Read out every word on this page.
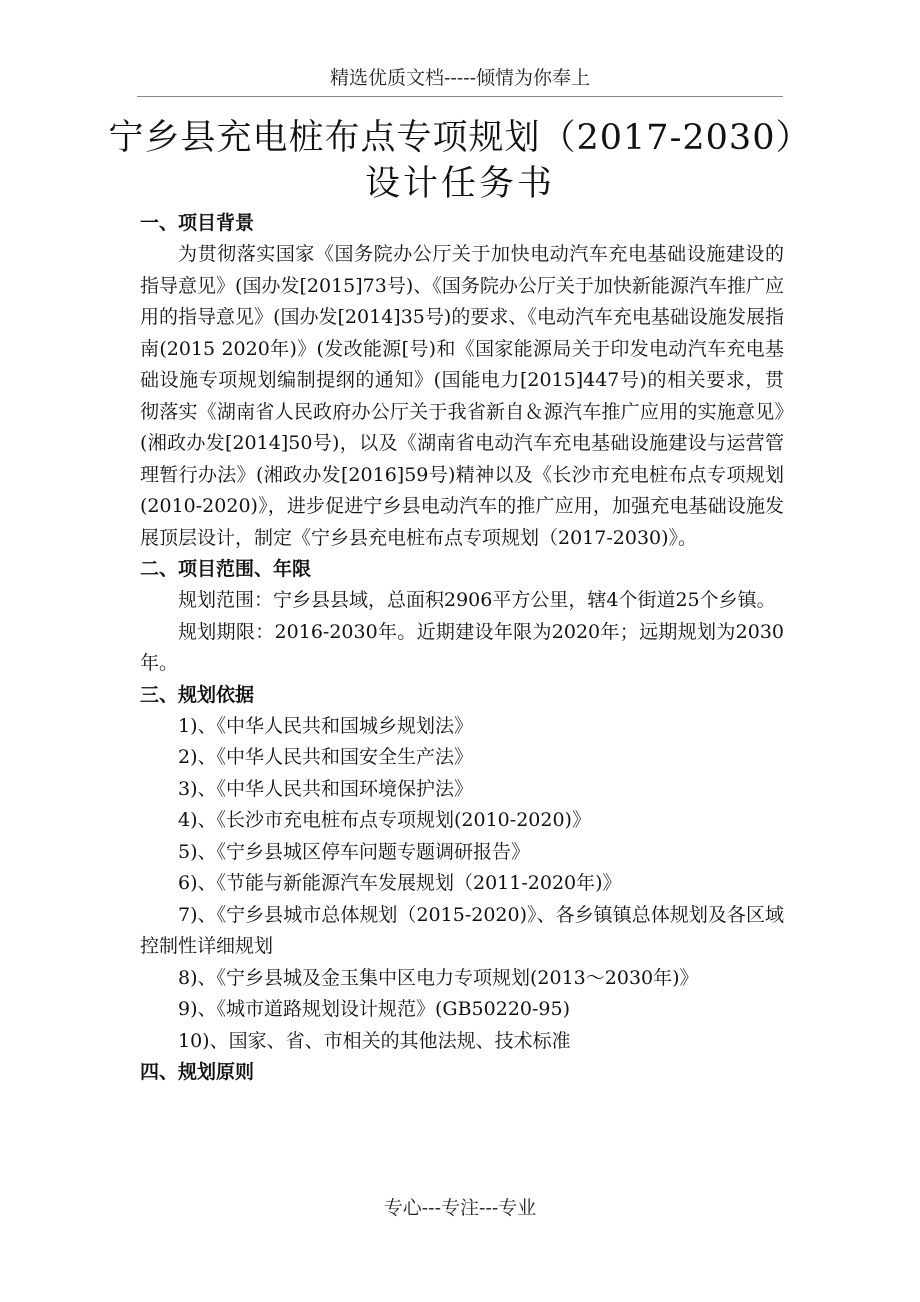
精选优质文档-----倾情为你奉上
宁乡县充电桩布点专项规划（2017-2030）
设计任务书
一、项目背景

为贯彻落实国家《国务院办公厅关于加快电动汽车充电基础设施建设的指导意见》(国办发[2015]73号)、《国务院办公厅关于加快新能源汽车推广应用的指导意见》(国办发[2014]35号)的要求、《电动汽车充电基础设施发展指南(2015 2020年)》(发改能源[号)和《国家能源局关于印发电动汽车充电基础设施专项规划编制提纲的通知》(国能电力[2015]447号)的相关要求，贯彻落实《湖南省人民政府办公厅关于我省新自＆源汽车推广应用的实施意见》(湘政办发[2014]50号)，以及《湖南省电动汽车充电基础设施建设与运营管理暂行办法》(湘政办发[2016]59号)精神以及《长沙市充电桩布点专项规划(2010-2020)》，进步促进宁乡县电动汽车的推广应用，加强充电基础设施发展顶层设计，制定《宁乡县充电桩布点专项规划（2017-2030)》。

二、项目范围、年限

规划范围：宁乡县县域，总面积2906平方公里，辖4个街道25个乡镇。

规划期限：2016-2030年。近期建设年限为2020年；远期规划为2030年。

三、规划依据

1)、《中华人民共和国城乡规划法》

2)、《中华人民共和国安全生产法》

3)、《中华人民共和国环境保护法》

4)、《长沙市充电桩布点专项规划(2010-2020)》

5)、《宁乡县城区停车问题专题调研报告》

6)、《节能与新能源汽车发展规划（2011-2020年)》

7)、《宁乡县城市总体规划（2015-2020)》、各乡镇镇总体规划及各区域控制性详细规划

8)、《宁乡县城及金玉集中区电力专项规划(2013～2030年)》

9)、《城市道路规划设计规范》(GB50220-95)

10)、国家、省、市相关的其他法规、技术标准

四、规划原则
专心---专注---专业
